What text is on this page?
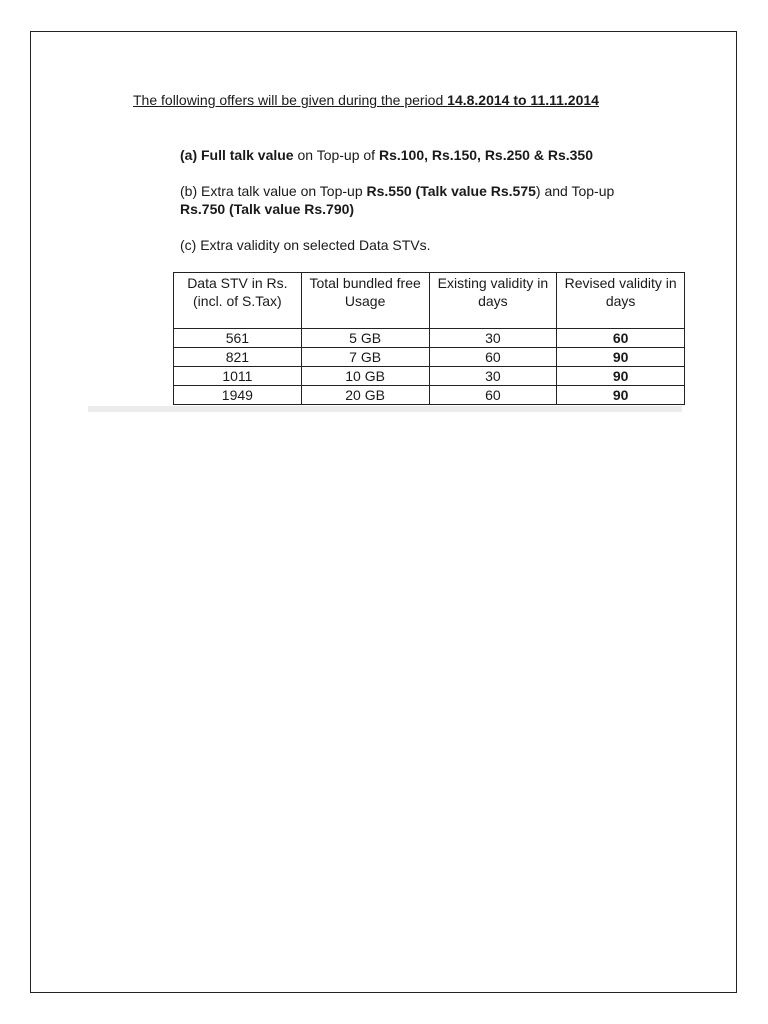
The following offers will be given during the period 14.8.2014 to 11.11.2014
(a) Full talk value on Top-up of Rs.100, Rs.150, Rs.250 & Rs.350
(b) Extra talk value on Top-up Rs.550 (Talk value Rs.575) and Top-up Rs.750 (Talk value Rs.790)
(c) Extra validity on selected Data STVs.
Data STV in Rs.(incl. of S.Tax)	Total bundled free Usage	Existing validity in days	Revised validity in days
561	5 GB	30	60
821	7 GB	60	90
1011	10 GB	30	90
1949	20 GB	60	90
